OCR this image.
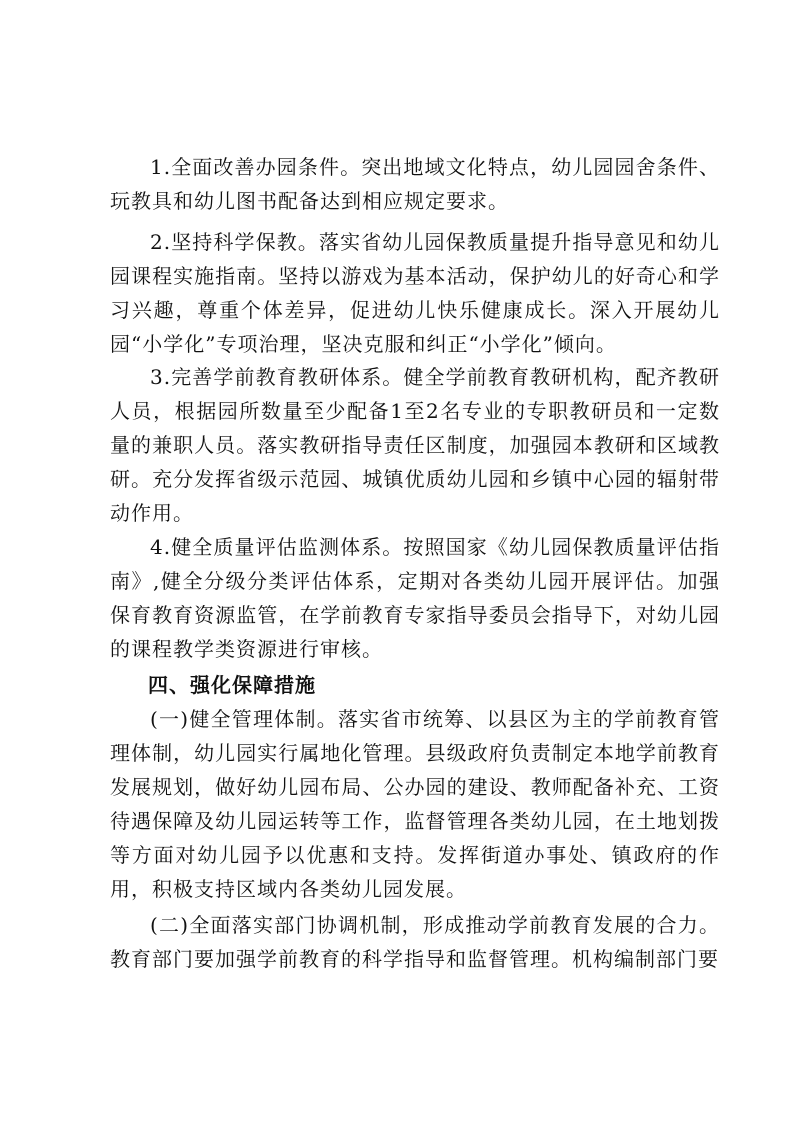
1.全面改善办园条件。突出地域文化特点，幼儿园园舍条件、玩教具和幼儿图书配备达到相应规定要求。

2.坚持科学保教。落实省幼儿园保教质量提升指导意见和幼儿园课程实施指南。坚持以游戏为基本活动，保护幼儿的好奇心和学习兴趣，尊重个体差异，促进幼儿快乐健康成长。深入开展幼儿园“小学化”专项治理，坚决克服和纠正“小学化”倾向。

3.完善学前教育教研体系。健全学前教育教研机构，配齐教研人员，根据园所数量至少配备1至2名专业的专职教研员和一定数量的兼职人员。落实教研指导责任区制度，加强园本教研和区域教研。充分发挥省级示范园、城镇优质幼儿园和乡镇中心园的辐射带动作用。

4.健全质量评估监测体系。按照国家《幼儿园保教质量评估指南》,健全分级分类评估体系，定期对各类幼儿园开展评估。加强保育教育资源监管，在学前教育专家指导委员会指导下，对幼儿园的课程教学类资源进行审核。

四、强化保障措施

(一)健全管理体制。落实省市统筹、以县区为主的学前教育管理体制，幼儿园实行属地化管理。县级政府负责制定本地学前教育发展规划，做好幼儿园布局、公办园的建设、教师配备补充、工资待遇保障及幼儿园运转等工作，监督管理各类幼儿园，在土地划拨等方面对幼儿园予以优惠和支持。发挥街道办事处、镇政府的作用，积极支持区域内各类幼儿园发展。

(二)全面落实部门协调机制，形成推动学前教育发展的合力。教育部门要加强学前教育的科学指导和监督管理。机构编制部门要
